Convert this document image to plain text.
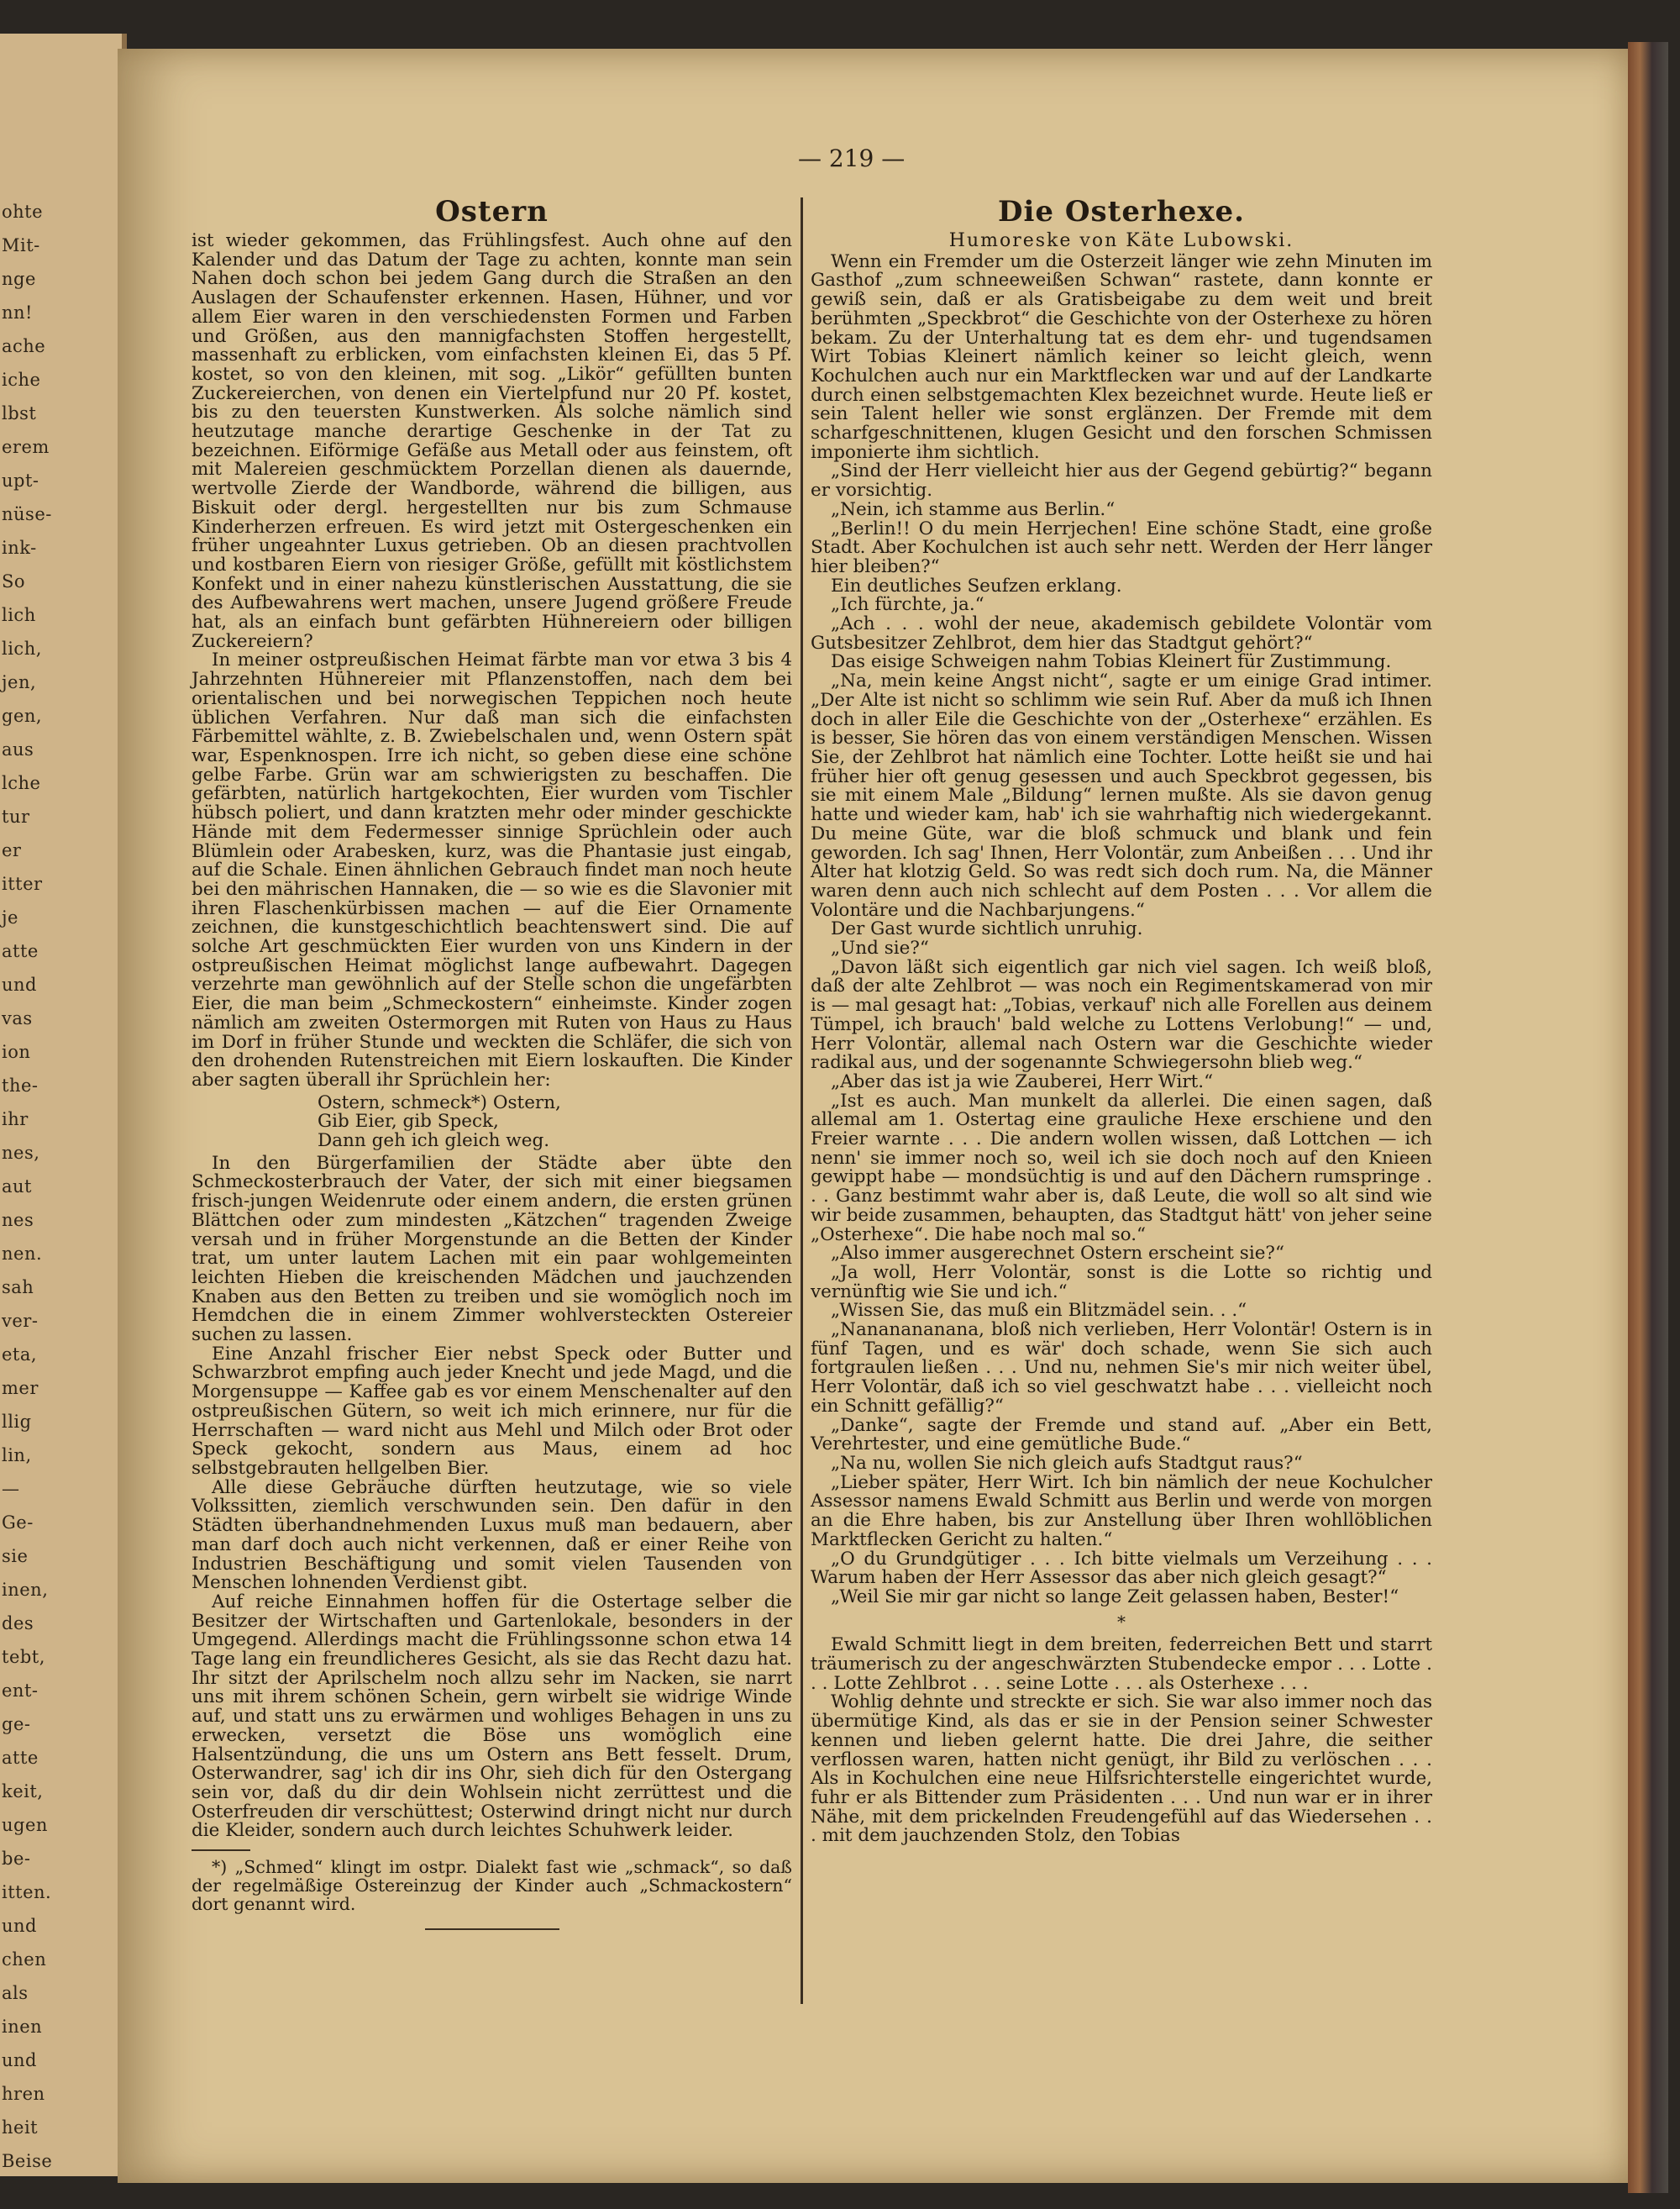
ohte
Mit-
nge
nn!
ache
iche
lbst
erem
upt-
nüse-
ink-
So
lich
lich,
jen,
gen,
aus
lche
tur
er
itter
je
atte
und
vas
ion
the-
ihr
nes,
aut
nes
nen.
sah
ver-
eta,
mer
llig
lin,
—
Ge-
sie
inen,
des
tebt,
ent-
ge-
atte
keit,
ugen
be-
itten.
und
chen
als
inen
und
hren
heit
Beise
— 219 —
Ostern

ist wieder gekommen, das Frühlingsfest. Auch ohne auf den Kalender und das Datum der Tage zu achten, konnte man sein Nahen doch schon bei jedem Gang durch die Straßen an den Auslagen der Schaufenster erkennen. Hasen, Hühner, und vor allem Eier waren in den verschiedensten Formen und Farben und Größen, aus den mannigfachsten Stoffen hergestellt, massenhaft zu erblicken, vom einfachsten kleinen Ei, das 5 Pf. kostet, so von den kleinen, mit sog. „Likör“ gefüllten bunten Zuckereierchen, von denen ein Viertelpfund nur 20 Pf. kostet, bis zu den teuersten Kunstwerken. Als solche nämlich sind heutzutage manche derartige Geschenke in der Tat zu bezeichnen. Eiförmige Gefäße aus Metall oder aus feinstem, oft mit Malereien geschmücktem Porzellan dienen als dauernde, wertvolle Zierde der Wandborde, während die billigen, aus Biskuit oder dergl. hergestellten nur bis zum Schmause Kinderherzen erfreuen. Es wird jetzt mit Ostergeschenken ein früher ungeahnter Luxus getrieben. Ob an diesen prachtvollen und kostbaren Eiern von riesiger Größe, gefüllt mit köstlichstem Konfekt und in einer nahezu künstlerischen Ausstattung, die sie des Aufbewahrens wert machen, unsere Jugend größere Freude hat, als an einfach bunt gefärbten Hühnereiern oder billigen Zuckereiern?

In meiner ostpreußischen Heimat färbte man vor etwa 3 bis 4 Jahrzehnten Hühnereier mit Pflanzenstoffen, nach dem bei orientalischen und bei norwegischen Teppichen noch heute üblichen Verfahren. Nur daß man sich die einfachsten Färbemittel wählte, z. B. Zwiebelschalen und, wenn Ostern spät war, Espenknospen. Irre ich nicht, so geben diese eine schöne gelbe Farbe. Grün war am schwierigsten zu beschaffen. Die gefärbten, natürlich hartgekochten, Eier wurden vom Tischler hübsch poliert, und dann kratzten mehr oder minder geschickte Hände mit dem Federmesser sinnige Sprüchlein oder auch Blümlein oder Arabesken, kurz, was die Phantasie just eingab, auf die Schale. Einen ähnlichen Gebrauch findet man noch heute bei den mährischen Hannaken, die — so wie es die Slavonier mit ihren Flaschenkürbissen machen — auf die Eier Ornamente zeichnen, die kunstgeschichtlich beachtenswert sind. Die auf solche Art geschmückten Eier wurden von uns Kindern in der ostpreußischen Heimat möglichst lange aufbewahrt. Dagegen verzehrte man gewöhnlich auf der Stelle schon die ungefärbten Eier, die man beim „Schmeckostern“ einheimste. Kinder zogen nämlich am zweiten Ostermorgen mit Ruten von Haus zu Haus im Dorf in früher Stunde und weckten die Schläfer, die sich von den drohenden Rutenstreichen mit Eiern loskauften. Die Kinder aber sagten überall ihr Sprüchlein her:

Ostern, schmeck*) Ostern,
Gib Eier, gib Speck,
Dann geh ich gleich weg.

In den Bürgerfamilien der Städte aber übte den Schmeckosterbrauch der Vater, der sich mit einer biegsamen frisch-jungen Weidenrute oder einem andern, die ersten grünen Blättchen oder zum mindesten „Kätzchen“ tragenden Zweige versah und in früher Morgenstunde an die Betten der Kinder trat, um unter lautem Lachen mit ein paar wohlgemeinten leichten Hieben die kreischenden Mädchen und jauchzenden Knaben aus den Betten zu treiben und sie womöglich noch im Hemdchen die in einem Zimmer wohlversteckten Ostereier suchen zu lassen.

Eine Anzahl frischer Eier nebst Speck oder Butter und Schwarzbrot empfing auch jeder Knecht und jede Magd, und die Morgensuppe — Kaffee gab es vor einem Menschenalter auf den ostpreußischen Gütern, so weit ich mich erinnere, nur für die Herrschaften — ward nicht aus Mehl und Milch oder Brot oder Speck gekocht, sondern aus Maus, einem ad hoc selbstgebrauten hellgelben Bier.

Alle diese Gebräuche dürften heutzutage, wie so viele Volkssitten, ziemlich verschwunden sein. Den dafür in den Städten überhandnehmenden Luxus muß man bedauern, aber man darf doch auch nicht verkennen, daß er einer Reihe von Industrien Beschäftigung und somit vielen Tausenden von Menschen lohnenden Verdienst gibt.

Auf reiche Einnahmen hoffen für die Ostertage selber die Besitzer der Wirtschaften und Gartenlokale, besonders in der Umgegend. Allerdings macht die Frühlingssonne schon etwa 14 Tage lang ein freundlicheres Gesicht, als sie das Recht dazu hat. Ihr sitzt der Aprilschelm noch allzu sehr im Nacken, sie narrt uns mit ihrem schönen Schein, gern wirbelt sie widrige Winde auf, und statt uns zu erwärmen und wohliges Behagen in uns zu erwecken, versetzt die Böse uns womöglich eine Halsentzündung, die uns um Ostern ans Bett fesselt. Drum, Osterwandrer, sag' ich dir ins Ohr, sieh dich für den Ostergang sein vor, daß du dir dein Wohlsein nicht zerrüttest und die Osterfreuden dir verschüttest; Osterwind dringt nicht nur durch die Kleider, sondern auch durch leichtes Schuhwerk leider.

*) „Schmed“ klingt im ostpr. Dialekt fast wie „schmack“, so daß der regelmäßige Ostereinzug der Kinder auch „Schmackostern“ dort genannt wird.

Die Osterhexe.
Humoreske von Käte Lubowski.

Wenn ein Fremder um die Osterzeit länger wie zehn Minuten im Gasthof „zum schneeweißen Schwan“ rastete, dann konnte er gewiß sein, daß er als Gratisbeigabe zu dem weit und breit berühmten „Speckbrot“ die Geschichte von der Osterhexe zu hören bekam. Zu der Unterhaltung tat es dem ehr- und tugendsamen Wirt Tobias Kleinert nämlich keiner so leicht gleich, wenn Kochulchen auch nur ein Marktflecken war und auf der Landkarte durch einen selbstgemachten Klex bezeichnet wurde. Heute ließ er sein Talent heller wie sonst erglänzen. Der Fremde mit dem scharfgeschnittenen, klugen Gesicht und den forschen Schmissen imponierte ihm sichtlich.

„Sind der Herr vielleicht hier aus der Gegend gebürtig?“ begann er vorsichtig.

„Nein, ich stamme aus Berlin.“

„Berlin!! O du mein Herrjechen! Eine schöne Stadt, eine große Stadt. Aber Kochulchen ist auch sehr nett. Werden der Herr länger hier bleiben?“

Ein deutliches Seufzen erklang.

„Ich fürchte, ja.“

„Ach . . . wohl der neue, akademisch gebildete Volontär vom Gutsbesitzer Zehlbrot, dem hier das Stadtgut gehört?“

Das eisige Schweigen nahm Tobias Kleinert für Zustimmung.

„Na, mein keine Angst nicht“, sagte er um einige Grad intimer. „Der Alte ist nicht so schlimm wie sein Ruf. Aber da muß ich Ihnen doch in aller Eile die Geschichte von der „Osterhexe“ erzählen. Es is besser, Sie hören das von einem verständigen Menschen. Wissen Sie, der Zehlbrot hat nämlich eine Tochter. Lotte heißt sie und hai früher hier oft genug gesessen und auch Speckbrot gegessen, bis sie mit einem Male „Bildung“ lernen mußte. Als sie davon genug hatte und wieder kam, hab' ich sie wahrhaftig nich wiedergekannt. Du meine Güte, war die bloß schmuck und blank und fein geworden. Ich sag' Ihnen, Herr Volontär, zum Anbeißen . . . Und ihr Alter hat klotzig Geld. So was redt sich doch rum. Na, die Männer waren denn auch nich schlecht auf dem Posten . . . Vor allem die Volontäre und die Nachbarjungens.“

Der Gast wurde sichtlich unruhig.

„Und sie?“

„Davon läßt sich eigentlich gar nich viel sagen. Ich weiß bloß, daß der alte Zehlbrot — was noch ein Regimentskamerad von mir is — mal gesagt hat: „Tobias, verkauf' nich alle Forellen aus deinem Tümpel, ich brauch' bald welche zu Lottens Verlobung!“ — und, Herr Volontär, allemal nach Ostern war die Geschichte wieder radikal aus, und der sogenannte Schwiegersohn blieb weg.“

„Aber das ist ja wie Zauberei, Herr Wirt.“

„Ist es auch. Man munkelt da allerlei. Die einen sagen, daß allemal am 1. Ostertag eine grauliche Hexe erschiene und den Freier warnte . . . Die andern wollen wissen, daß Lottchen — ich nenn' sie immer noch so, weil ich sie doch noch auf den Knieen gewippt habe — mondsüchtig is und auf den Dächern rumspringe . . . Ganz bestimmt wahr aber is, daß Leute, die woll so alt sind wie wir beide zusammen, behaupten, das Stadtgut hätt' von jeher seine „Osterhexe“. Die habe noch mal so.“

„Also immer ausgerechnet Ostern erscheint sie?“

„Ja woll, Herr Volontär, sonst is die Lotte so richtig und vernünftig wie Sie und ich.“

„Wissen Sie, das muß ein Blitzmädel sein. . .“

„Nananananana, bloß nich verlieben, Herr Volontär! Ostern is in fünf Tagen, und es wär' doch schade, wenn Sie sich auch fortgraulen ließen . . . Und nu, nehmen Sie's mir nich weiter übel, Herr Volontär, daß ich so viel geschwatzt habe . . . vielleicht noch ein Schnitt gefällig?“

„Danke“, sagte der Fremde und stand auf. „Aber ein Bett, Verehrtester, und eine gemütliche Bude.“

„Na nu, wollen Sie nich gleich aufs Stadtgut raus?“

„Lieber später, Herr Wirt. Ich bin nämlich der neue Kochulcher Assessor namens Ewald Schmitt aus Berlin und werde von morgen an die Ehre haben, bis zur Anstellung über Ihren wohllöblichen Marktflecken Gericht zu halten.“

„O du Grundgütiger . . . Ich bitte vielmals um Verzeihung . . . Warum haben der Herr Assessor das aber nich gleich gesagt?“

„Weil Sie mir gar nicht so lange Zeit gelassen haben, Bester!“

*

Ewald Schmitt liegt in dem breiten, federreichen Bett und starrt träumerisch zu der angeschwärzten Stubendecke empor . . . Lotte . . . Lotte Zehlbrot . . . seine Lotte . . . als Osterhexe . . .

Wohlig dehnte und streckte er sich. Sie war also immer noch das übermütige Kind, als das er sie in der Pension seiner Schwester kennen und lieben gelernt hatte. Die drei Jahre, die seither verflossen waren, hatten nicht genügt, ihr Bild zu verlöschen . . . Als in Kochulchen eine neue Hilfsrichterstelle eingerichtet wurde, fuhr er als Bittender zum Präsidenten . . . Und nun war er in ihrer Nähe, mit dem prickelnden Freudengefühl auf das Wiedersehen . . . mit dem jauchzenden Stolz, den Tobias
